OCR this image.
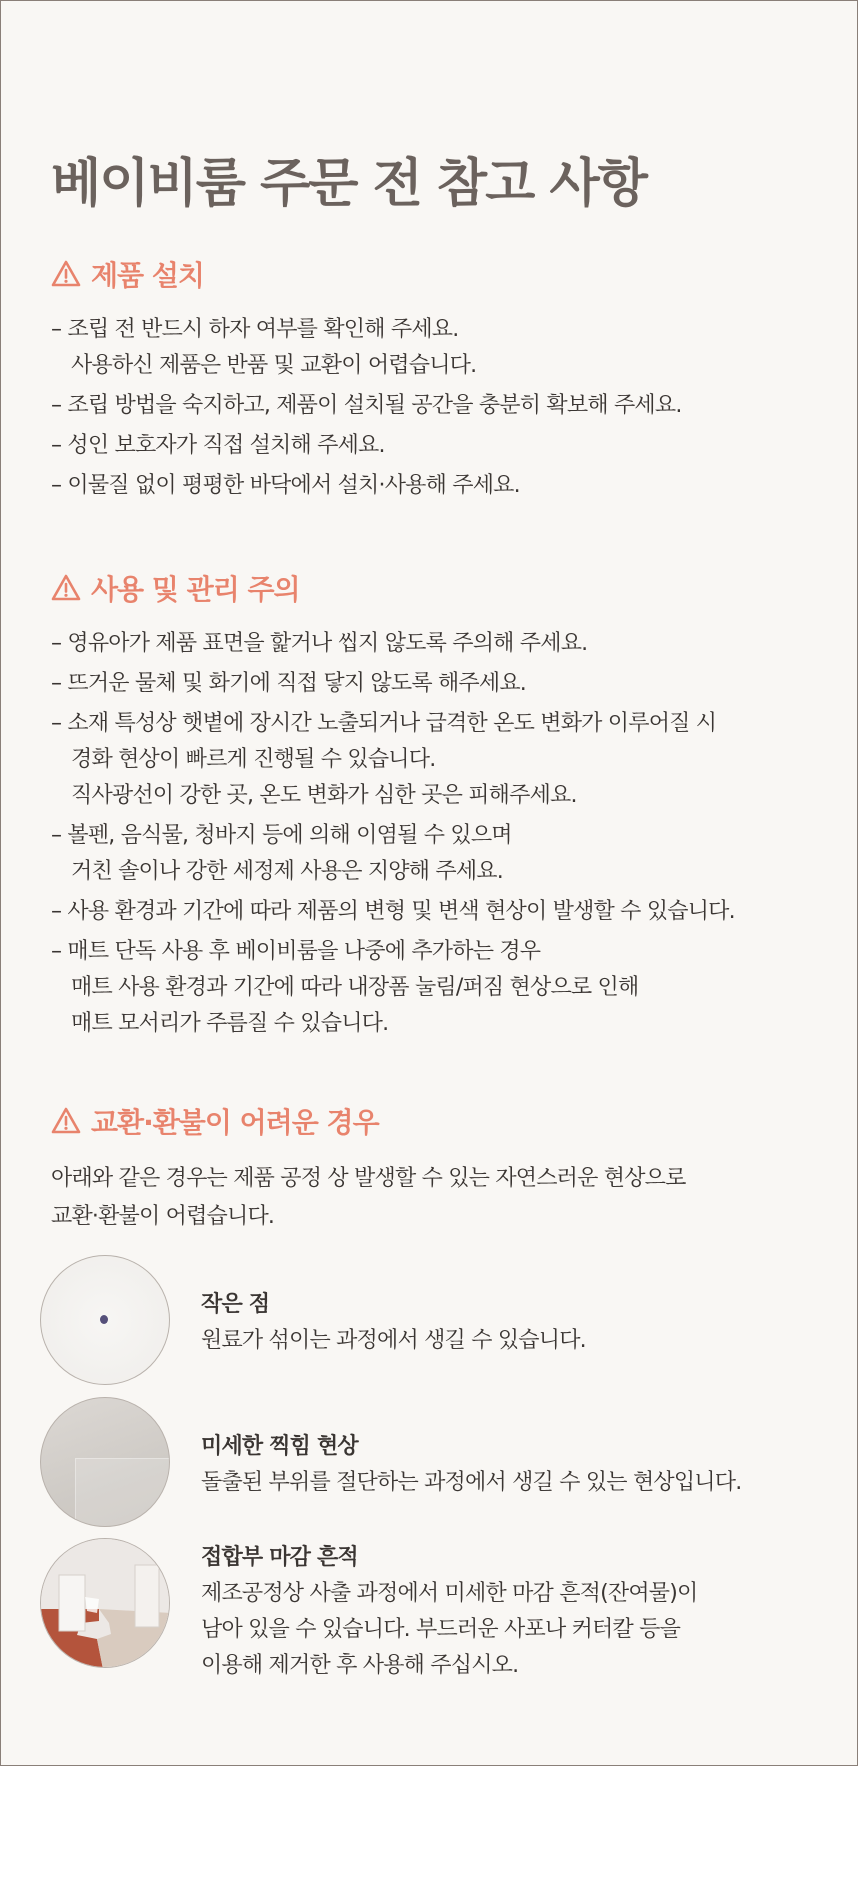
베이비룸 주문 전 참고 사항
제품 설치
– 조립 전 반드시 하자 여부를 확인해 주세요.
사용하신 제품은 반품 및 교환이 어렵습니다.
– 조립 방법을 숙지하고, 제품이 설치될 공간을 충분히 확보해 주세요.
– 성인 보호자가 직접 설치해 주세요.
– 이물질 없이 평평한 바닥에서 설치·사용해 주세요.
사용 및 관리 주의
– 영유아가 제품 표면을 핥거나 씹지 않도록 주의해 주세요.
– 뜨거운 물체 및 화기에 직접 닿지 않도록 해주세요.
– 소재 특성상 햇볕에 장시간 노출되거나 급격한 온도 변화가 이루어질 시
경화 현상이 빠르게 진행될 수 있습니다.
직사광선이 강한 곳, 온도 변화가 심한 곳은 피해주세요.
– 볼펜, 음식물, 청바지 등에 의해 이염될 수 있으며
거친 솔이나 강한 세정제 사용은 지양해 주세요.
– 사용 환경과 기간에 따라 제품의 변형 및 변색 현상이 발생할 수 있습니다.
– 매트 단독 사용 후 베이비룸을 나중에 추가하는 경우
매트 사용 환경과 기간에 따라 내장폼 눌림/퍼짐 현상으로 인해
매트 모서리가 주름질 수 있습니다.
교환·환불이 어려운 경우
아래와 같은 경우는 제품 공정 상 발생할 수 있는 자연스러운 현상으로
교환·환불이 어렵습니다.
작은 점
원료가 섞이는 과정에서 생길 수 있습니다.
미세한 찍힘 현상
돌출된 부위를 절단하는 과정에서 생길 수 있는 현상입니다.
접합부 마감 흔적
제조공정상 사출 과정에서 미세한 마감 흔적(잔여물)이
남아 있을 수 있습니다. 부드러운 사포나 커터칼 등을
이용해 제거한 후 사용해 주십시오.
